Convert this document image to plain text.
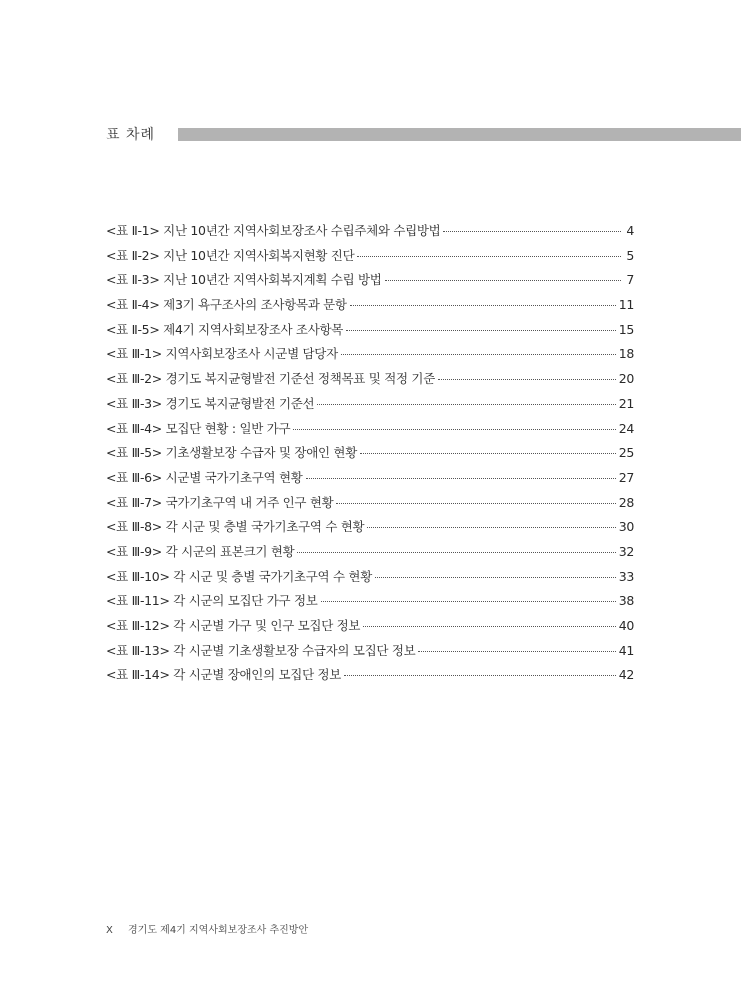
표 차례
<표 Ⅱ-1> 지난 10년간 지역사회보장조사 수립주체와 수립방법	4
<표 Ⅱ-2> 지난 10년간 지역사회복지현황 진단	5
<표 Ⅱ-3> 지난 10년간 지역사회복지계획 수립 방법	7
<표 Ⅱ-4> 제3기 욕구조사의 조사항목과 문항	11
<표 Ⅱ-5> 제4기 지역사회보장조사 조사항목	15
<표 Ⅲ-1> 지역사회보장조사 시군별 담당자	18
<표 Ⅲ-2> 경기도 복지균형발전 기준선 정책목표 및 적정 기준	20
<표 Ⅲ-3> 경기도 복지균형발전 기준선	21
<표 Ⅲ-4> 모집단 현황 : 일반 가구	24
<표 Ⅲ-5> 기초생활보장 수급자 및 장애인 현황	25
<표 Ⅲ-6> 시군별 국가기초구역 현황	27
<표 Ⅲ-7> 국가기초구역 내 거주 인구 현황	28
<표 Ⅲ-8> 각 시군 및 층별 국가기초구역 수 현황	30
<표 Ⅲ-9> 각 시군의 표본크기 현황	32
<표 Ⅲ-10> 각 시군 및 층별 국가기초구역 수 현황	33
<표 Ⅲ-11> 각 시군의 모집단 가구 정보	38
<표 Ⅲ-12> 각 시군별 가구 및 인구 모집단 정보	40
<표 Ⅲ-13> 각 시군별 기초생활보장 수급자의 모집단 정보	41
<표 Ⅲ-14> 각 시군별 장애인의 모집단 정보	42
X 경기도 제4기 지역사회보장조사 추진방안
